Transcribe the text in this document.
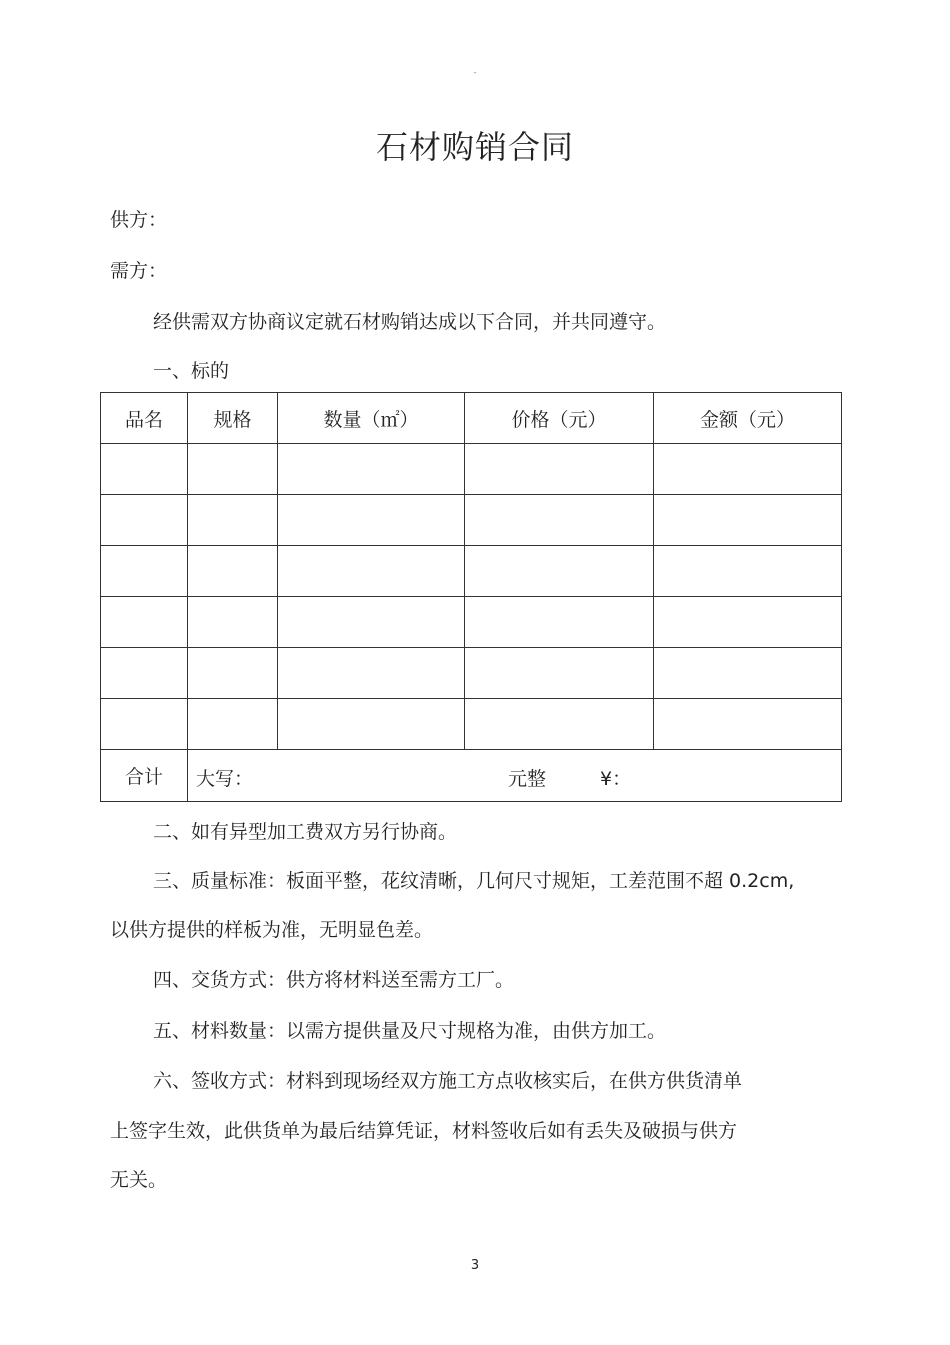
-
石材购销合同
供方：
需方：
经供需双方协商议定就石材购销达成以下合同，并共同遵守。
一、标的
品名	规格	数量（㎡）	价格（元）	金额（元）

合计	大写： 元整 ¥：			
二、如有异型加工费双方另行协商。
三、质量标准：板面平整，花纹清晰，几何尺寸规矩，工差范围不超 0.2cm,
以供方提供的样板为准，无明显色差。
四、交货方式：供方将材料送至需方工厂。
五、材料数量：以需方提供量及尺寸规格为准，由供方加工。
六、签收方式：材料到现场经双方施工方点收核实后，在供方供货清单
上签字生效，此供货单为最后结算凭证，材料签收后如有丢失及破损与供方
无关。
3
